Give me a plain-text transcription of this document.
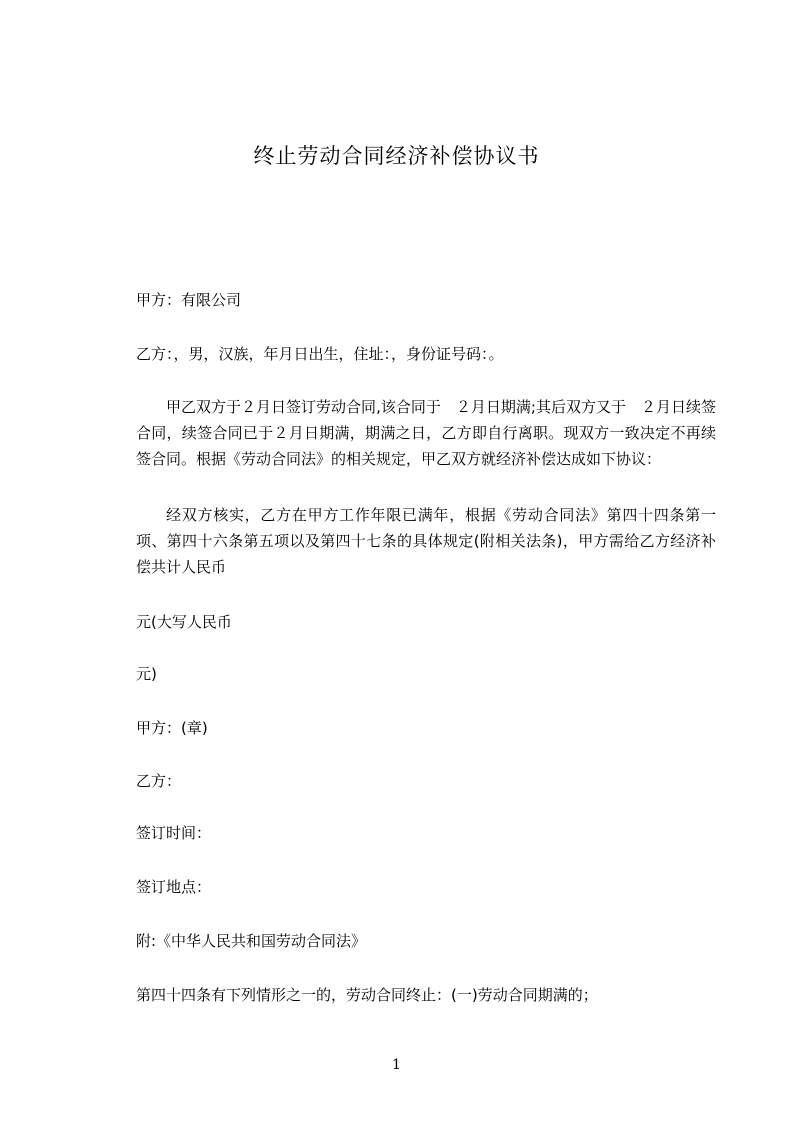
终止劳动合同经济补偿协议书

甲方：有限公司

乙方：，男，汉族，年月日出生，住址：，身份证号码：。

甲乙双方于２月日签订劳动合同,该合同于　２月日期满;其后双方又于　２月日续签合同，续签合同已于２月日期满，期满之日，乙方即自行离职。现双方一致决定不再续签合同。根据《劳动合同法》的相关规定，甲乙双方就经济补偿达成如下协议：

经双方核实，乙方在甲方工作年限已满年，根据《劳动合同法》第四十四条第一项、第四十六条第五项以及第四十七条的具体规定(附相关法条)，甲方需给乙方经济补偿共计人民币

元(大写人民币

元)

甲方：(章)

乙方：

签订时间：

签订地点：

附:《中华人民共和国劳动合同法》

第四十四条有下列情形之一的，劳动合同终止：(一)劳动合同期满的；

1
